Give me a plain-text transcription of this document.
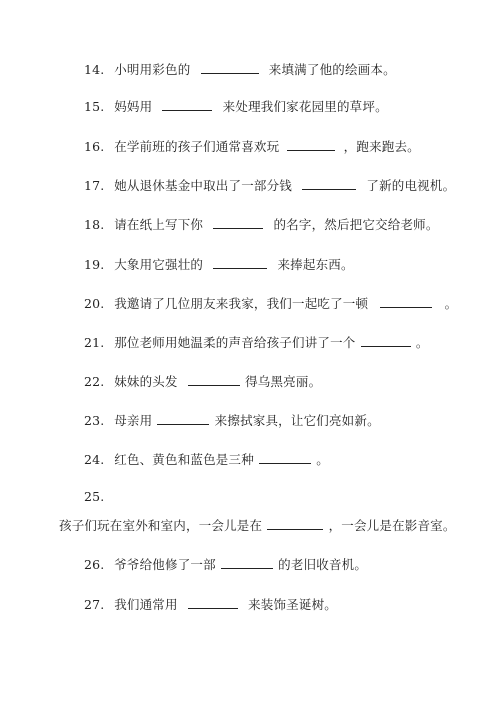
14. 小明用彩色的	来填满了他的绘画本。
15. 妈妈用	来处理我们家花园里的草坪。
16. 在学前班的孩子们通常喜欢玩	，跑来跑去。
17. 她从退休基金中取出了一部分钱	了新的电视机。
18. 请在纸上写下你	的名字，然后把它交给老师。
19. 大象用它强壮的	来捧起东西。
20. 我邀请了几位朋友来我家，我们一起吃了一顿	。
21. 那位老师用她温柔的声音给孩子们讲了一个	。
22. 妹妹的头发	得乌黑亮丽。
23. 母亲用	来擦拭家具，让它们亮如新。
24. 红色、黄色和蓝色是三种	。
25.
孩子们玩在室外和室内，一会儿是在	，一会儿是在影音室。
26. 爷爷给他修了一部	的老旧收音机。
27. 我们通常用	来装饰圣诞树。
